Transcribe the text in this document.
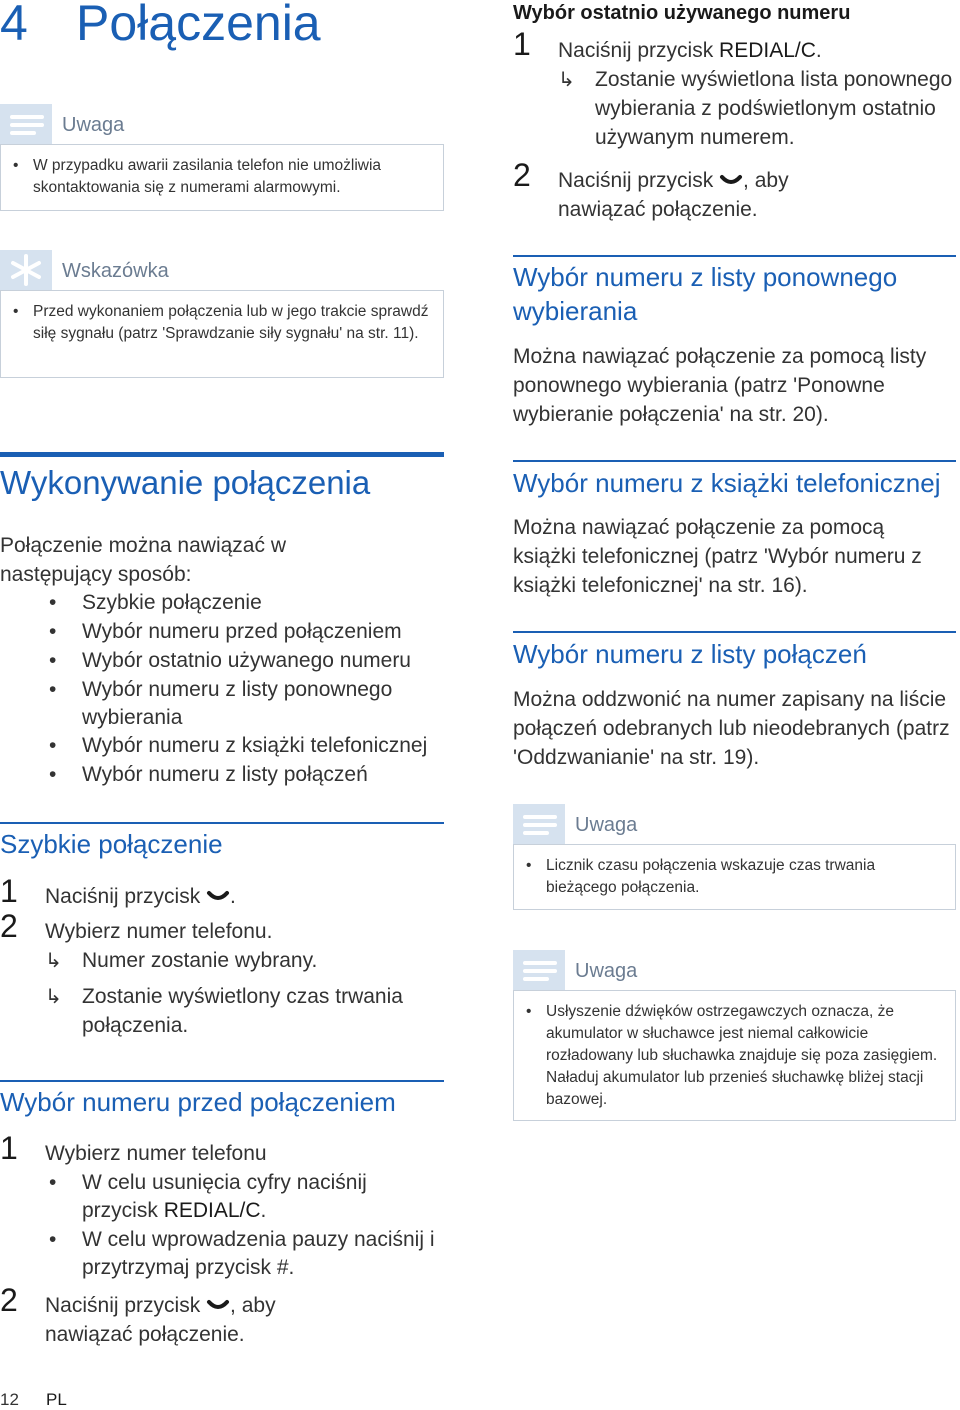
4 Połączenia
Uwaga
• W przypadku awarii zasilania telefon nie umożliwia skontaktowania się z numerami alarmowymi.
Wskazówka
• Przed wykonaniem połączenia lub w jego trakcie sprawdź siłę sygnału (patrz 'Sprawdzanie siły sygnału' na str. 11).
Wykonywanie połączenia
Połączenie można nawiązać w następujący sposób:
• Szybkie połączenie
• Wybór numeru przed połączeniem
• Wybór ostatnio używanego numeru
• Wybór numeru z listy ponownego wybierania
• Wybór numeru z książki telefonicznej
• Wybór numeru z listy połączeń
Szybkie połączenie
1 Naciśnij przycisk .
2 Wybierz numer telefonu.
↳ Numer zostanie wybrany.
↳ Zostanie wyświetlony czas trwania połączenia.
Wybór numeru przed połączeniem
1 Wybierz numer telefonu
• W celu usunięcia cyfry naciśnij przycisk REDIAL/C.
• W celu wprowadzenia pauzy naciśnij i przytrzymaj przycisk #.
2 Naciśnij przycisk , aby nawiązać połączenie.
12 PL
Wybór ostatnio używanego numeru
1 Naciśnij przycisk REDIAL/C.
↳ Zostanie wyświetlona lista ponownego wybierania z podświetlonym ostatnio używanym numerem.
2 Naciśnij przycisk , aby nawiązać połączenie.
Wybór numeru z listy ponownego wybierania
Można nawiązać połączenie za pomocą listy ponownego wybierania (patrz 'Ponowne wybieranie połączenia' na str. 20).
Wybór numeru z książki telefonicznej
Można nawiązać połączenie za pomocą książki telefonicznej (patrz 'Wybór numeru z książki telefonicznej' na str. 16).
Wybór numeru z listy połączeń
Można oddzwonić na numer zapisany na liście połączeń odebranych lub nieodebranych (patrz 'Oddzwanianie' na str. 19).
Uwaga
• Licznik czasu połączenia wskazuje czas trwania bieżącego połączenia.
Uwaga
• Usłyszenie dźwięków ostrzegawczych oznacza, że akumulator w słuchawce jest niemal całkowicie rozładowany lub słuchawka znajduje się poza zasięgiem. Naładuj akumulator lub przenieś słuchawkę bliżej stacji bazowej.
